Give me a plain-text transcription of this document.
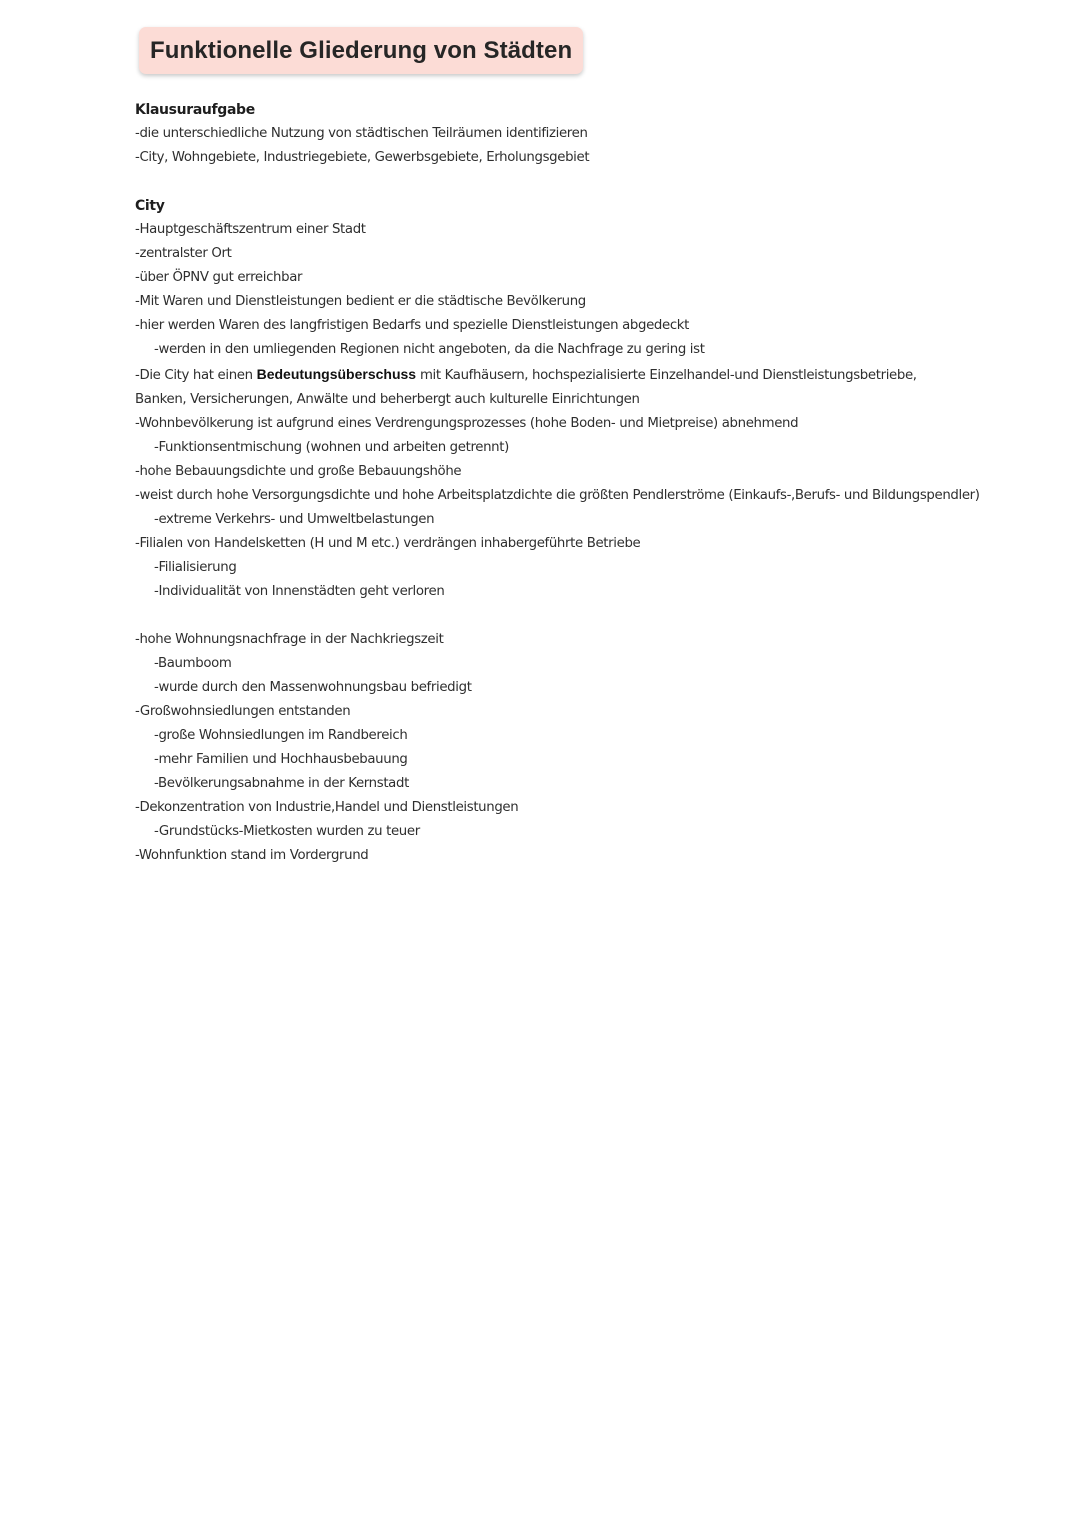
Funktionelle Gliederung von Städten

Klausuraufgabe

-die unterschiedliche Nutzung von städtischen Teilräumen identifizieren

-City, Wohngebiete, Industriegebiete, Gewerbsgebiete, Erholungsgebiet

City

-Hauptgeschäftszentrum einer Stadt

-zentralster Ort

-über ÖPNV gut erreichbar

-Mit Waren und Dienstleistungen bedient er die städtische Bevölkerung

-hier werden Waren des langfristigen Bedarfs und spezielle Dienstleistungen abgedeckt

-werden in den umliegenden Regionen nicht angeboten, da die Nachfrage zu gering ist

-Die City hat einen Bedeutungsüberschuss mit Kaufhäusern, hochspezialisierte Einzelhandel-und Dienstleistungsbetriebe, Banken, Versicherungen, Anwälte und beherbergt auch kulturelle Einrichtungen

-Wohnbevölkerung ist aufgrund eines Verdrengungsprozesses (hohe Boden- und Mietpreise) abnehmend

-Funktionsentmischung (wohnen und arbeiten getrennt)

-hohe Bebauungsdichte und große Bebauungshöhe

-weist durch hohe Versorgungsdichte und hohe Arbeitsplatzdichte die größten Pendlerströme (Einkaufs-,Berufs- und Bildungspendler)

-extreme Verkehrs- und Umweltbelastungen

-Filialen von Handelsketten (H und M etc.) verdrängen inhabergeführte Betriebe

-Filialisierung

-Individualität von Innenstädten geht verloren

-hohe Wohnungsnachfrage in der Nachkriegszeit

-Baumboom

-wurde durch den Massenwohnungsbau befriedigt

-Großwohnsiedlungen entstanden

-große Wohnsiedlungen im Randbereich

-mehr Familien und Hochhausbebauung

-Bevölkerungsabnahme in der Kernstadt

-Dekonzentration von Industrie,Handel und Dienstleistungen

-Grundstücks-Mietkosten wurden zu teuer

-Wohnfunktion stand im Vordergrund
